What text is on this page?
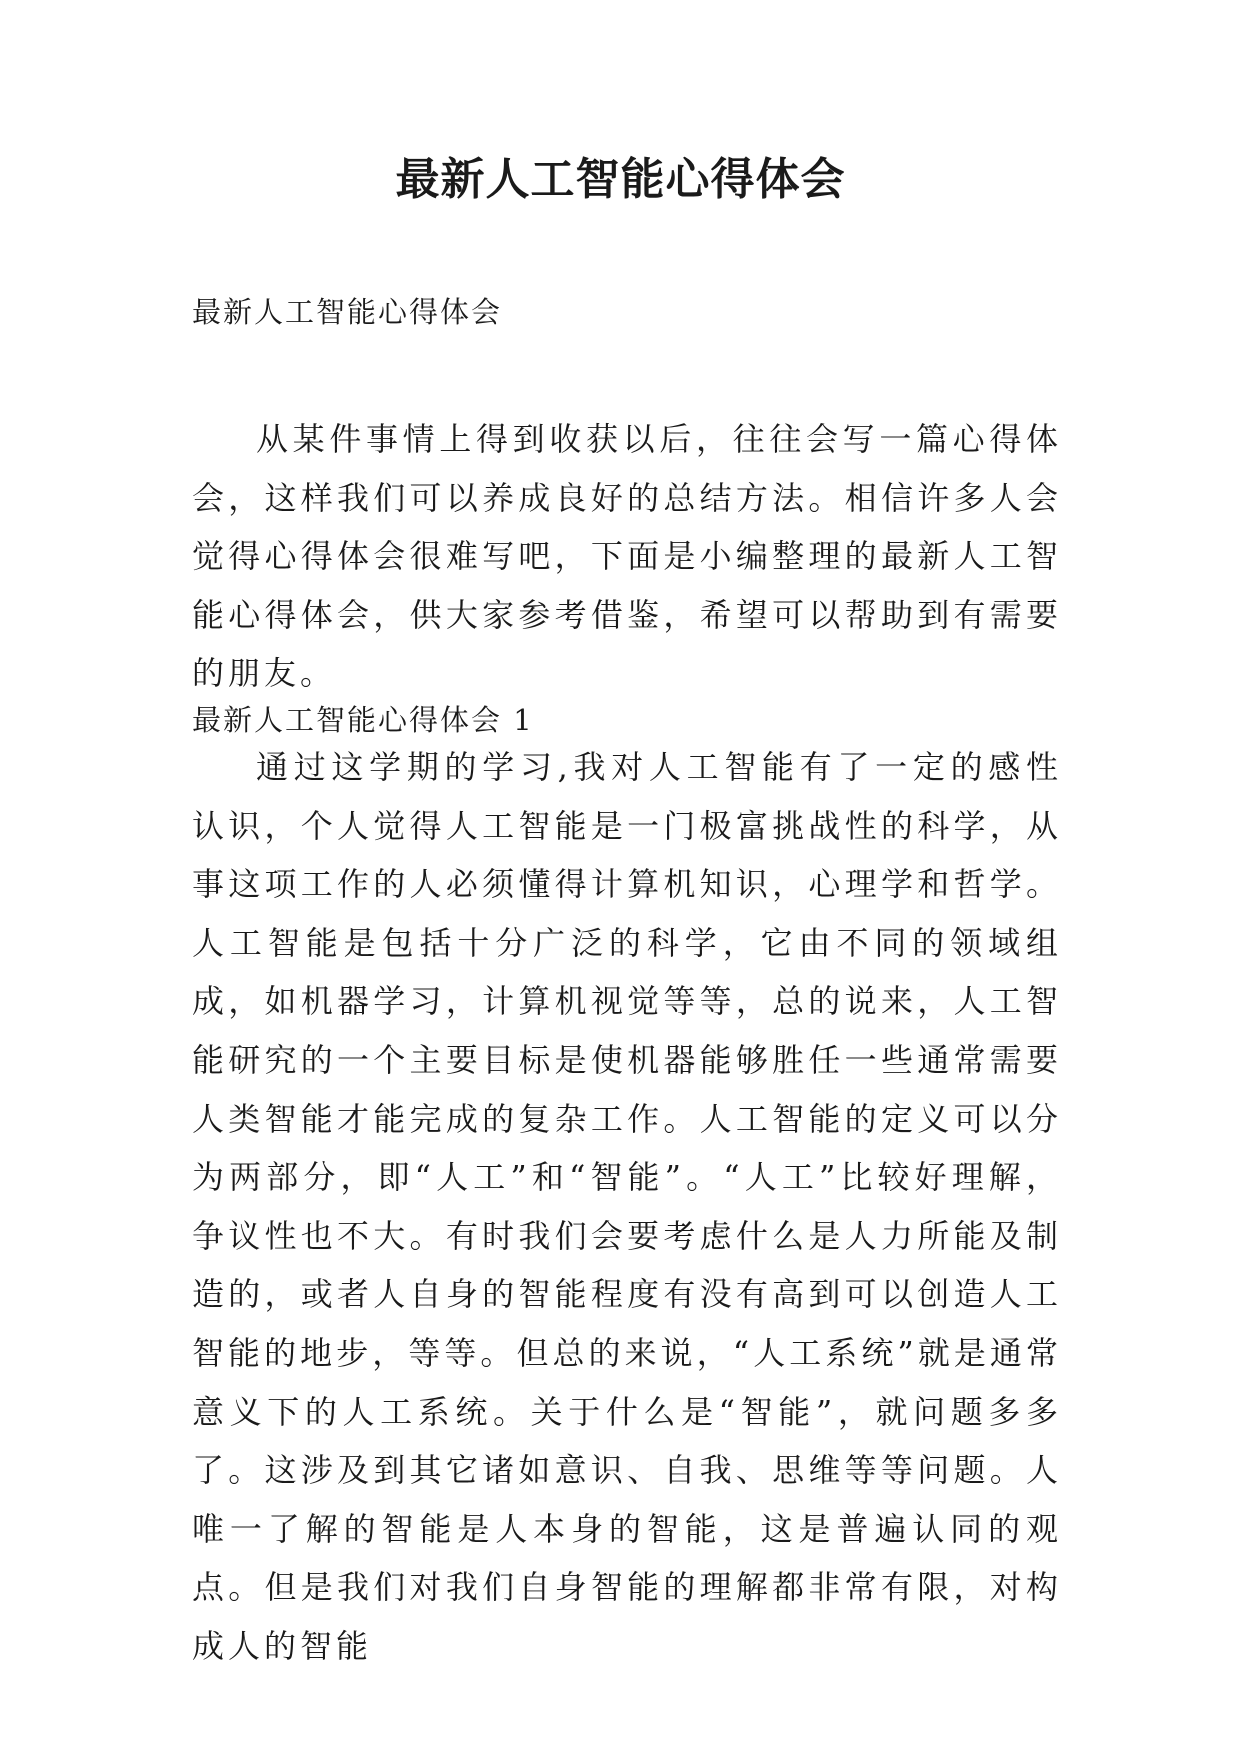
最新人工智能心得体会

最新人工智能心得体会

从某件事情上得到收获以后，往往会写一篇心得体会，这样我们可以养成良好的总结方法。相信许多人会觉得心得体会很难写吧，下面是小编整理的最新人工智能心得体会，供大家参考借鉴，希望可以帮助到有需要的朋友。

最新人工智能心得体会 1

通过这学期的学习,我对人工智能有了一定的感性认识，个人觉得人工智能是一门极富挑战性的科学，从事这项工作的人必须懂得计算机知识，心理学和哲学。人工智能是包括十分广泛的科学，它由不同的领域组成，如机器学习，计算机视觉等等，总的说来，人工智能研究的一个主要目标是使机器能够胜任一些通常需要人类智能才能完成的复杂工作。人工智能的定义可以分为两部分，即“人工”和“智能”。“人工”比较好理解，争议性也不大。有时我们会要考虑什么是人力所能及制造的，或者人自身的智能程度有没有高到可以创造人工智能的地步，等等。但总的来说，“人工系统”就是通常意义下的人工系统。关于什么是“智能”，就问题多多了。这涉及到其它诸如意识、自我、思维等等问题。人唯一了解的智能是人本身的智能，这是普遍认同的观点。但是我们对我们自身智能的理解都非常有限，对构成人的智能
